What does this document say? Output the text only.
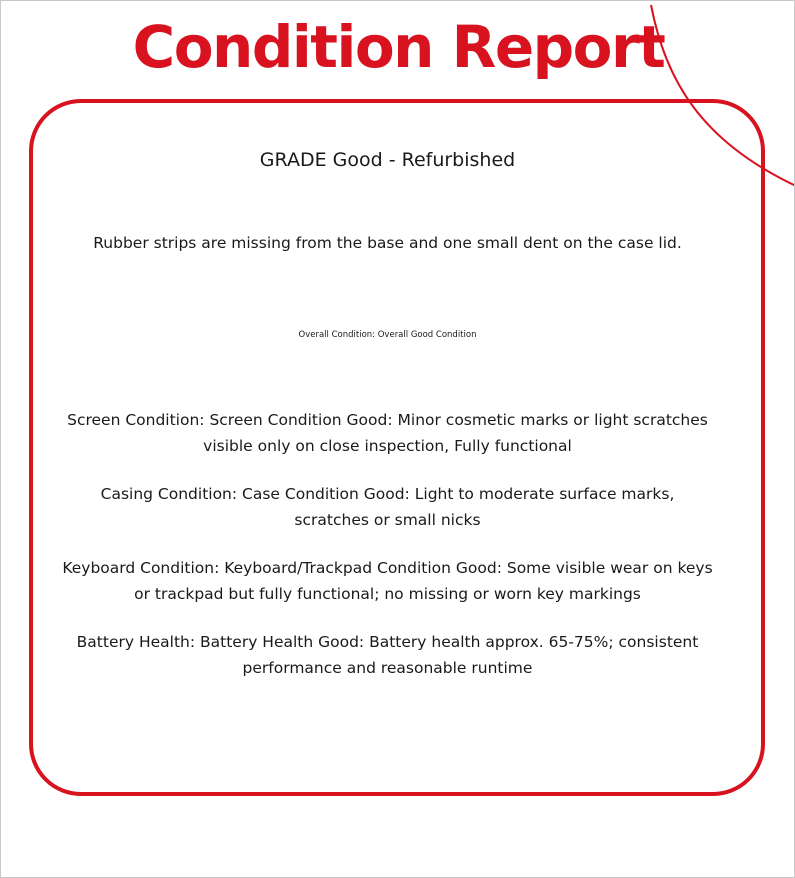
Condition Report

GRADE Good - Refurbished

Rubber strips are missing from the base and one small dent on the case lid.

Overall Condition: Overall Good Condition

Screen Condition: Screen Condition Good: Minor cosmetic marks or light scratches visible only on close inspection, Fully functional
Casing Condition: Case Condition Good: Light to moderate surface marks, scratches or small nicks
Keyboard Condition: Keyboard/Trackpad Condition Good: Some visible wear on keys or trackpad but fully functional; no missing or worn key markings
Battery Health: Battery Health Good: Battery health approx. 65-75%; consistent performance and reasonable runtime
